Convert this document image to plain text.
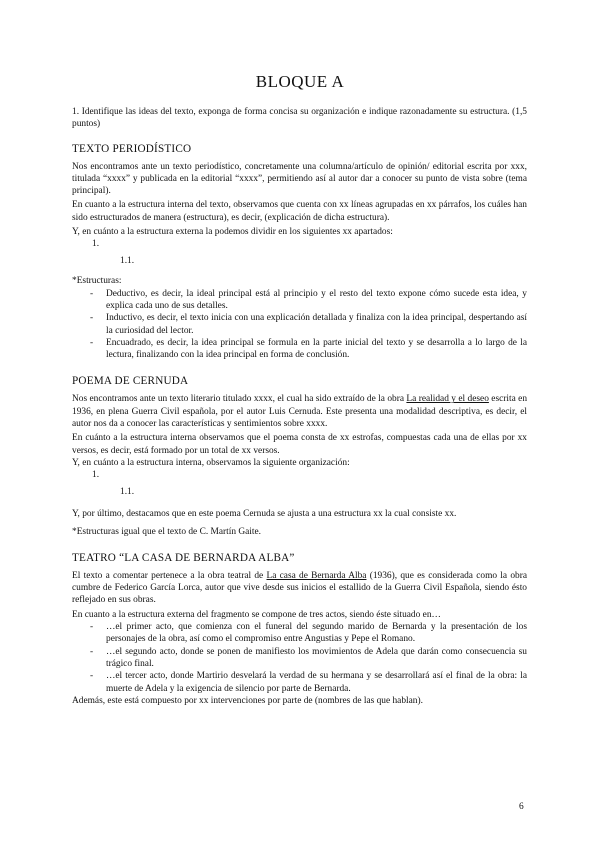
BLOQUE A

1. Identifique las ideas del texto, exponga de forma concisa su organización e indique razonadamente su estructura. (1,5 puntos)

TEXTO PERIODÍSTICO

Nos encontramos ante un texto periodístico, concretamente una columna/artículo de opinión/ editorial escrita por xxx, titulada “xxxx” y publicada en la editorial “xxxx”, permitiendo así al autor dar a conocer su punto de vista sobre (tema principal).

En cuanto a la estructura interna del texto, observamos que cuenta con xx líneas agrupadas en xx párrafos, los cuáles han sido estructurados de manera (estructura), es decir, (explicación de dicha estructura).

Y, en cuánto a la estructura externa la podemos dividir en los siguientes xx apartados:

1.
1.1.

*Estructuras:

- Deductivo, es decir, la ideal principal está al principio y el resto del texto expone cómo sucede esta idea, y explica cada uno de sus detalles.
- Inductivo, es decir, el texto inicia con una explicación detallada y finaliza con la idea principal, despertando así la curiosidad del lector.
- Encuadrado, es decir, la idea principal se formula en la parte inicial del texto y se desarrolla a lo largo de la lectura, finalizando con la idea principal en forma de conclusión.
POEMA DE CERNUDA

Nos encontramos ante un texto literario titulado xxxx, el cual ha sido extraído de la obra La realidad y el deseo escrita en 1936, en plena Guerra Civil española, por el autor Luis Cernuda. Este presenta una modalidad descriptiva, es decir, el autor nos da a conocer las características y sentimientos sobre xxxx.

En cuánto a la estructura interna observamos que el poema consta de xx estrofas, compuestas cada una de ellas por xx versos, es decir, está formado por un total de xx versos.

Y, en cuánto a la estructura interna, observamos la siguiente organización:

1.
1.1.

Y, por último, destacamos que en este poema Cernuda se ajusta a una estructura xx la cual consiste xx.

*Estructuras igual que el texto de C. Martín Gaite.

TEATRO “LA CASA DE BERNARDA ALBA”

El texto a comentar pertenece a la obra teatral de La casa de Bernarda Alba (1936), que es considerada como la obra cumbre de Federico García Lorca, autor que vive desde sus inicios el estallido de la Guerra Civil Española, siendo ésto reflejado en sus obras.

En cuanto a la estructura externa del fragmento se compone de tres actos, siendo éste situado en…

- …el primer acto, que comienza con el funeral del segundo marido de Bernarda y la presentación de los personajes de la obra, así como el compromiso entre Angustias y Pepe el Romano.
- …el segundo acto, donde se ponen de manifiesto los movimientos de Adela que darán como consecuencia su trágico final.
- …el tercer acto, donde Martirio desvelará la verdad de su hermana y se desarrollará así el final de la obra: la muerte de Adela y la exigencia de silencio por parte de Bernarda.

Además, este está compuesto por xx intervenciones por parte de (nombres de las que hablan).

6
